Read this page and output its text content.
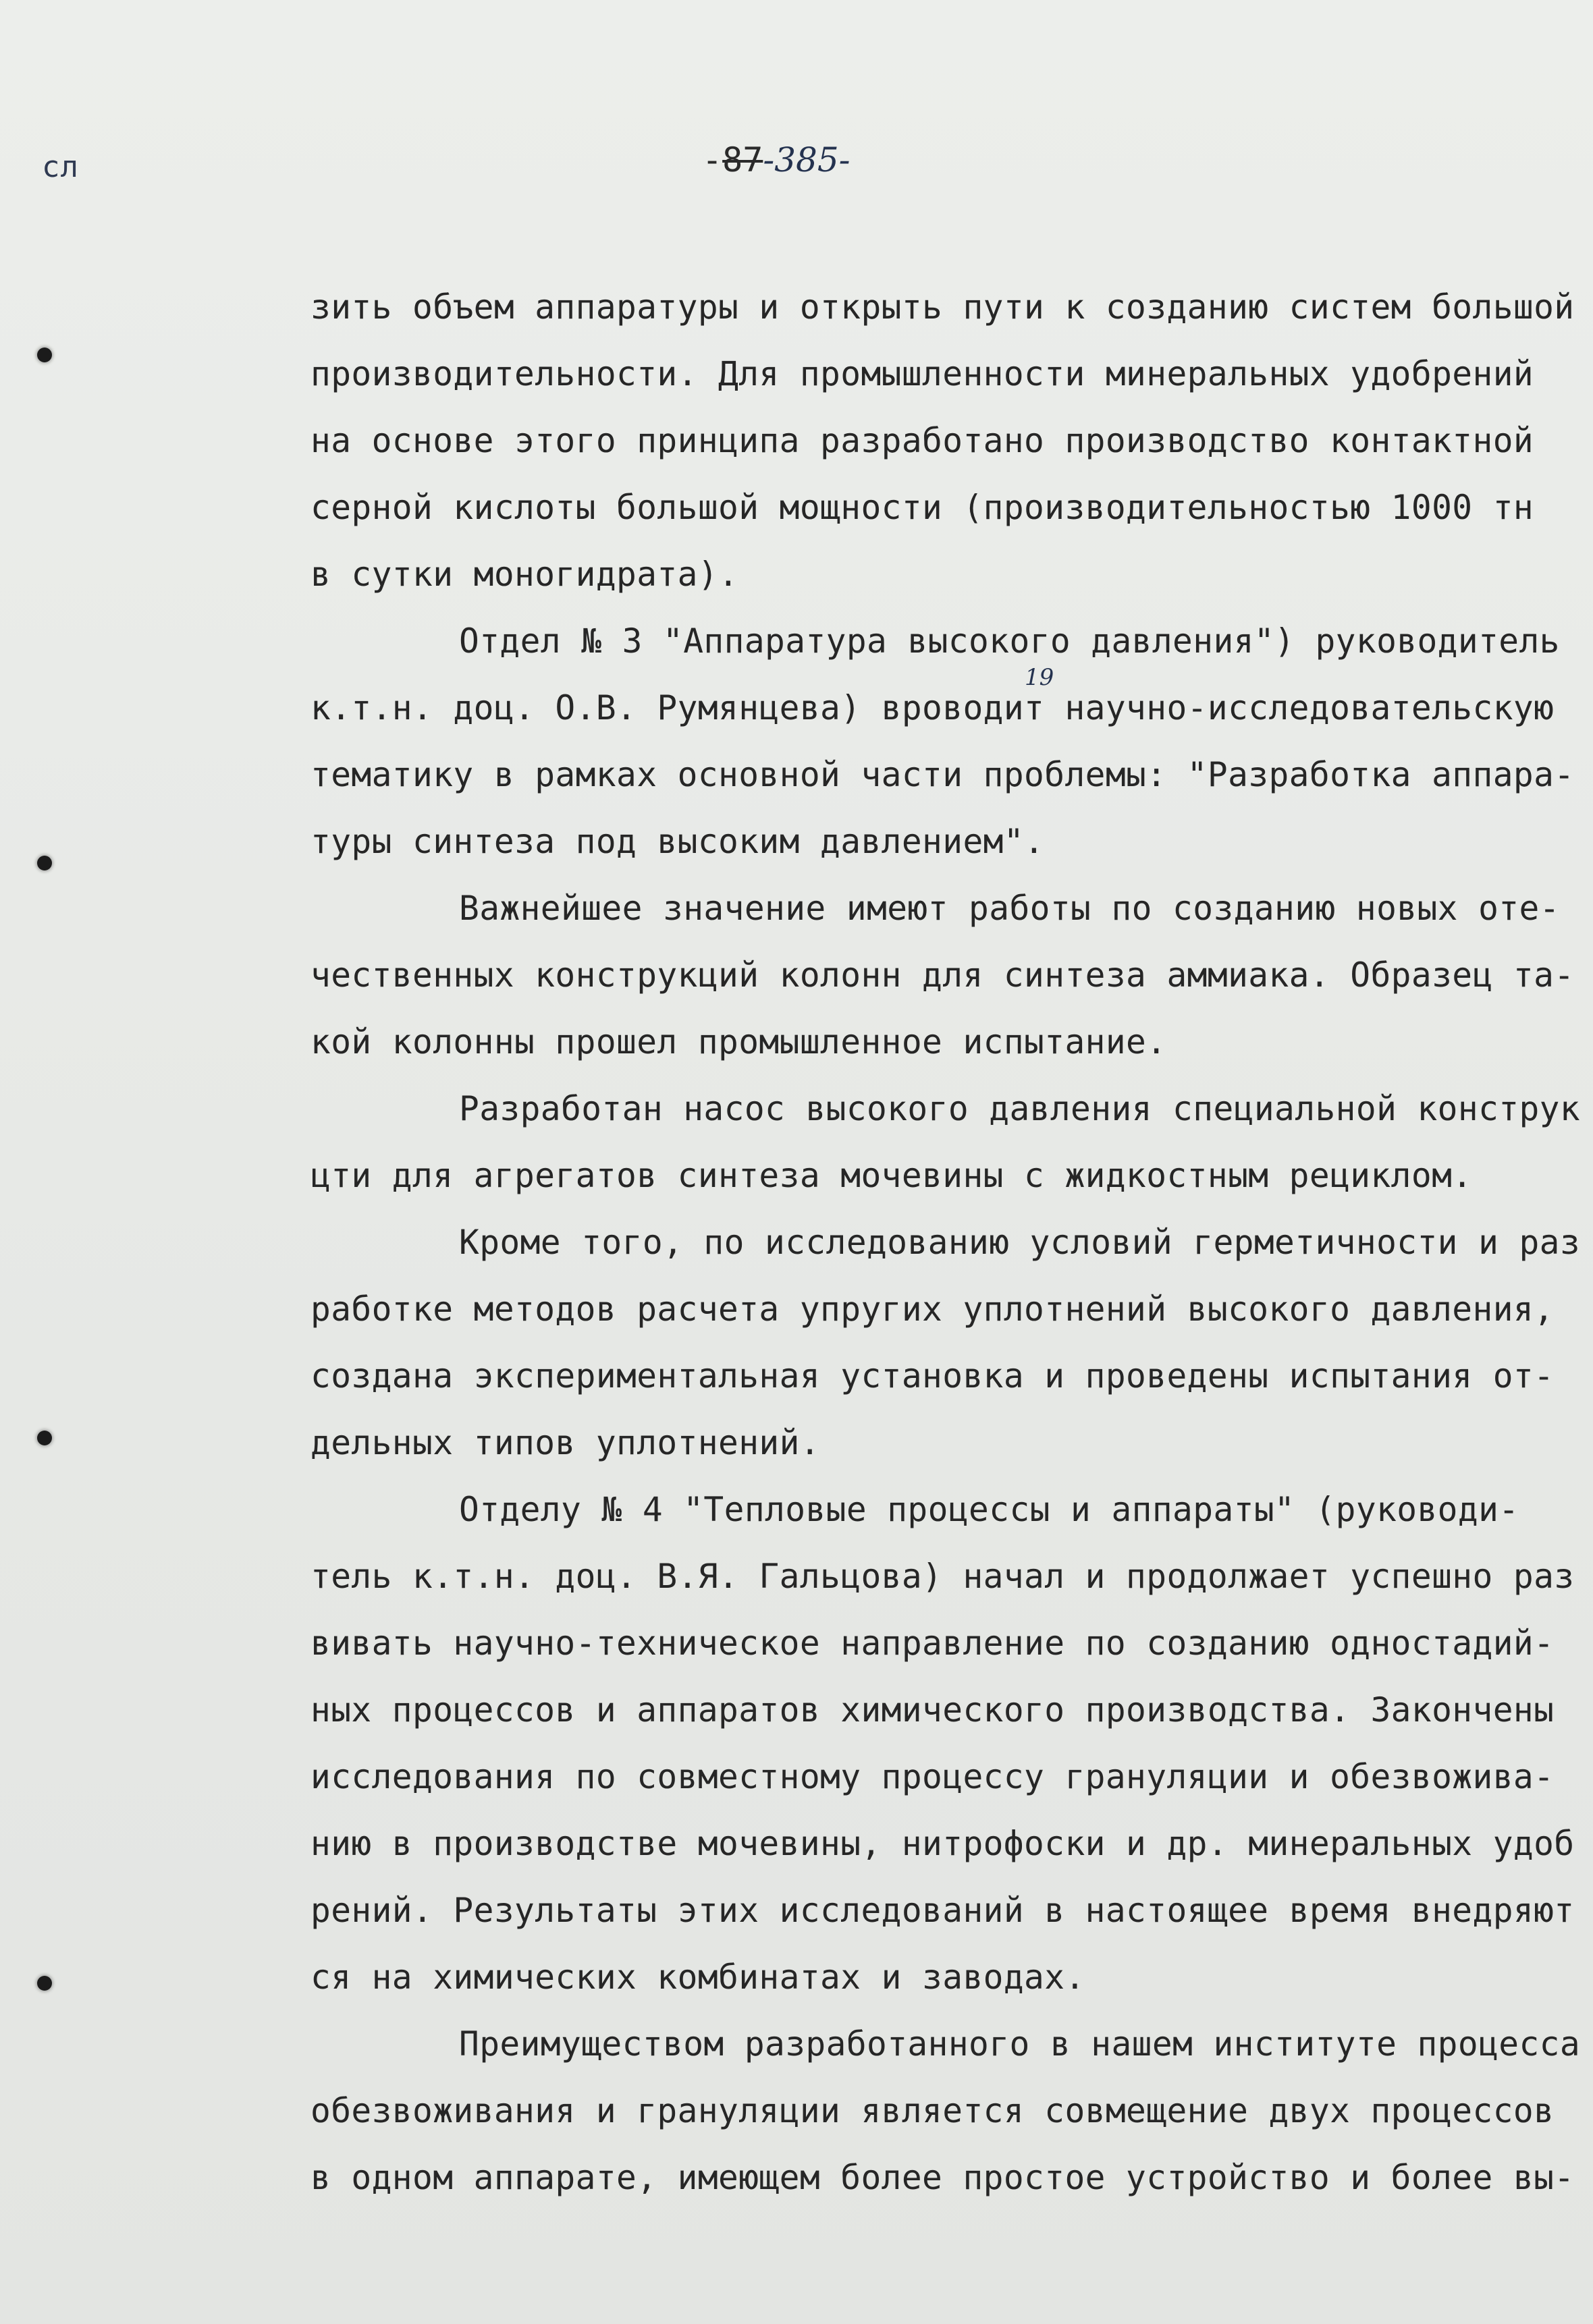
сл	-87-385-
19
зить объем аппаратуры и открыть пути к созданию систем большой
производительности. Для промышленности минеральных удобрений
на основе этого принципа разработано производство контактной
серной кислоты большой мощности (производительностью 1000 тн
в сутки моногидрата).
Отдел № 3 "Аппаратура высокого давления") руководитель
к.т.н. доц. О.В. Румянцева) вроводит научно-исследовательскую
тематику в рамках основной части проблемы: "Разработка аппара-
туры синтеза под высоким давлением".
Важнейшее значение имеют работы по созданию новых оте-
чественных конструкций колонн для синтеза аммиака. Образец та-
кой колонны прошел промышленное испытание.
Разработан насос высокого давления специальной конструк
цти для агрегатов синтеза мочевины с жидкостным рециклом.
Кроме того, по исследованию условий герметичности и раз
работке методов расчета упругих уплотнений высокого давления,
создана экспериментальная установка и проведены испытания от-
дельных типов уплотнений.
Отделу № 4 "Тепловые процессы и аппараты" (руководи-
тель к.т.н. доц. В.Я. Гальцова) начал и продолжает успешно раз
вивать научно-техническое направление по созданию одностадий-
ных процессов и аппаратов химического производства. Закончены
исследования по совместному процессу грануляции и обезвожива-
нию в производстве мочевины, нитрофоски и др. минеральных удоб
рений. Результаты этих исследований в настоящее время внедряют
ся на химических комбинатах и заводах.
Преимуществом разработанного в нашем институте процесса
обезвоживания и грануляции является совмещение двух процессов
в одном аппарате, имеющем более простое устройство и более вы-
